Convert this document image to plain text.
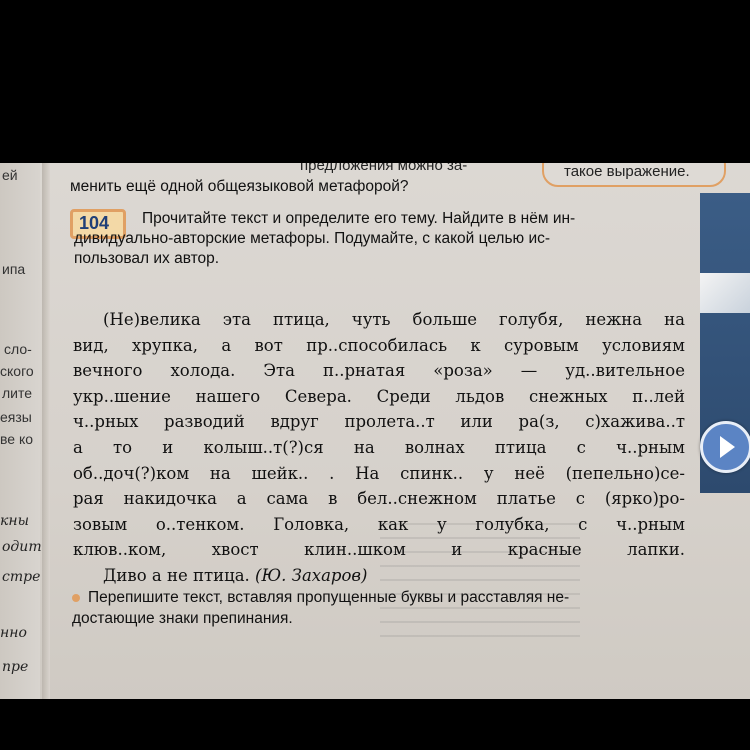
ей
ипа
сло-
ского
лите
еязы
ве ко
кны
одит
стре
нно
пре
предложения можно за-	такое выражение.
менить ещё одной общеязыковой метафорой?
104 Прочитайте текст и определите его тему. Найдите в нём ин-
дивидуально-авторские метафоры. Подумайте, с какой целью ис-
пользовал их автор.
(Не)велика эта птица, чуть больше голубя, нежна на
вид, хрупка, а вот пр..способилась к суровым условиям
вечного холода. Эта п..рнатая «роза» — уд..вительное
укр..шение нашего Севера. Среди льдов снежных п..лей
ч..рных разводий вдруг пролета..т или ра(з, с)хажива..т
а то и колыш..т(?)ся на волнах птица с ч..рным
об..доч(?)ком на шейк.. . На спинк.. у неё (пепельно)се-
рая накидочка а сама в бел..снежном платье с (ярко)ро-
зовым о..тенком. Головка, как у голубка, с ч..рным
клюв..ком, хвост клин..шком и красные лапки.
Диво а не птица. (Ю. Захаров)
Перепишите текст, вставляя пропущенные буквы и расставляя не-
достающие знаки препинания.
